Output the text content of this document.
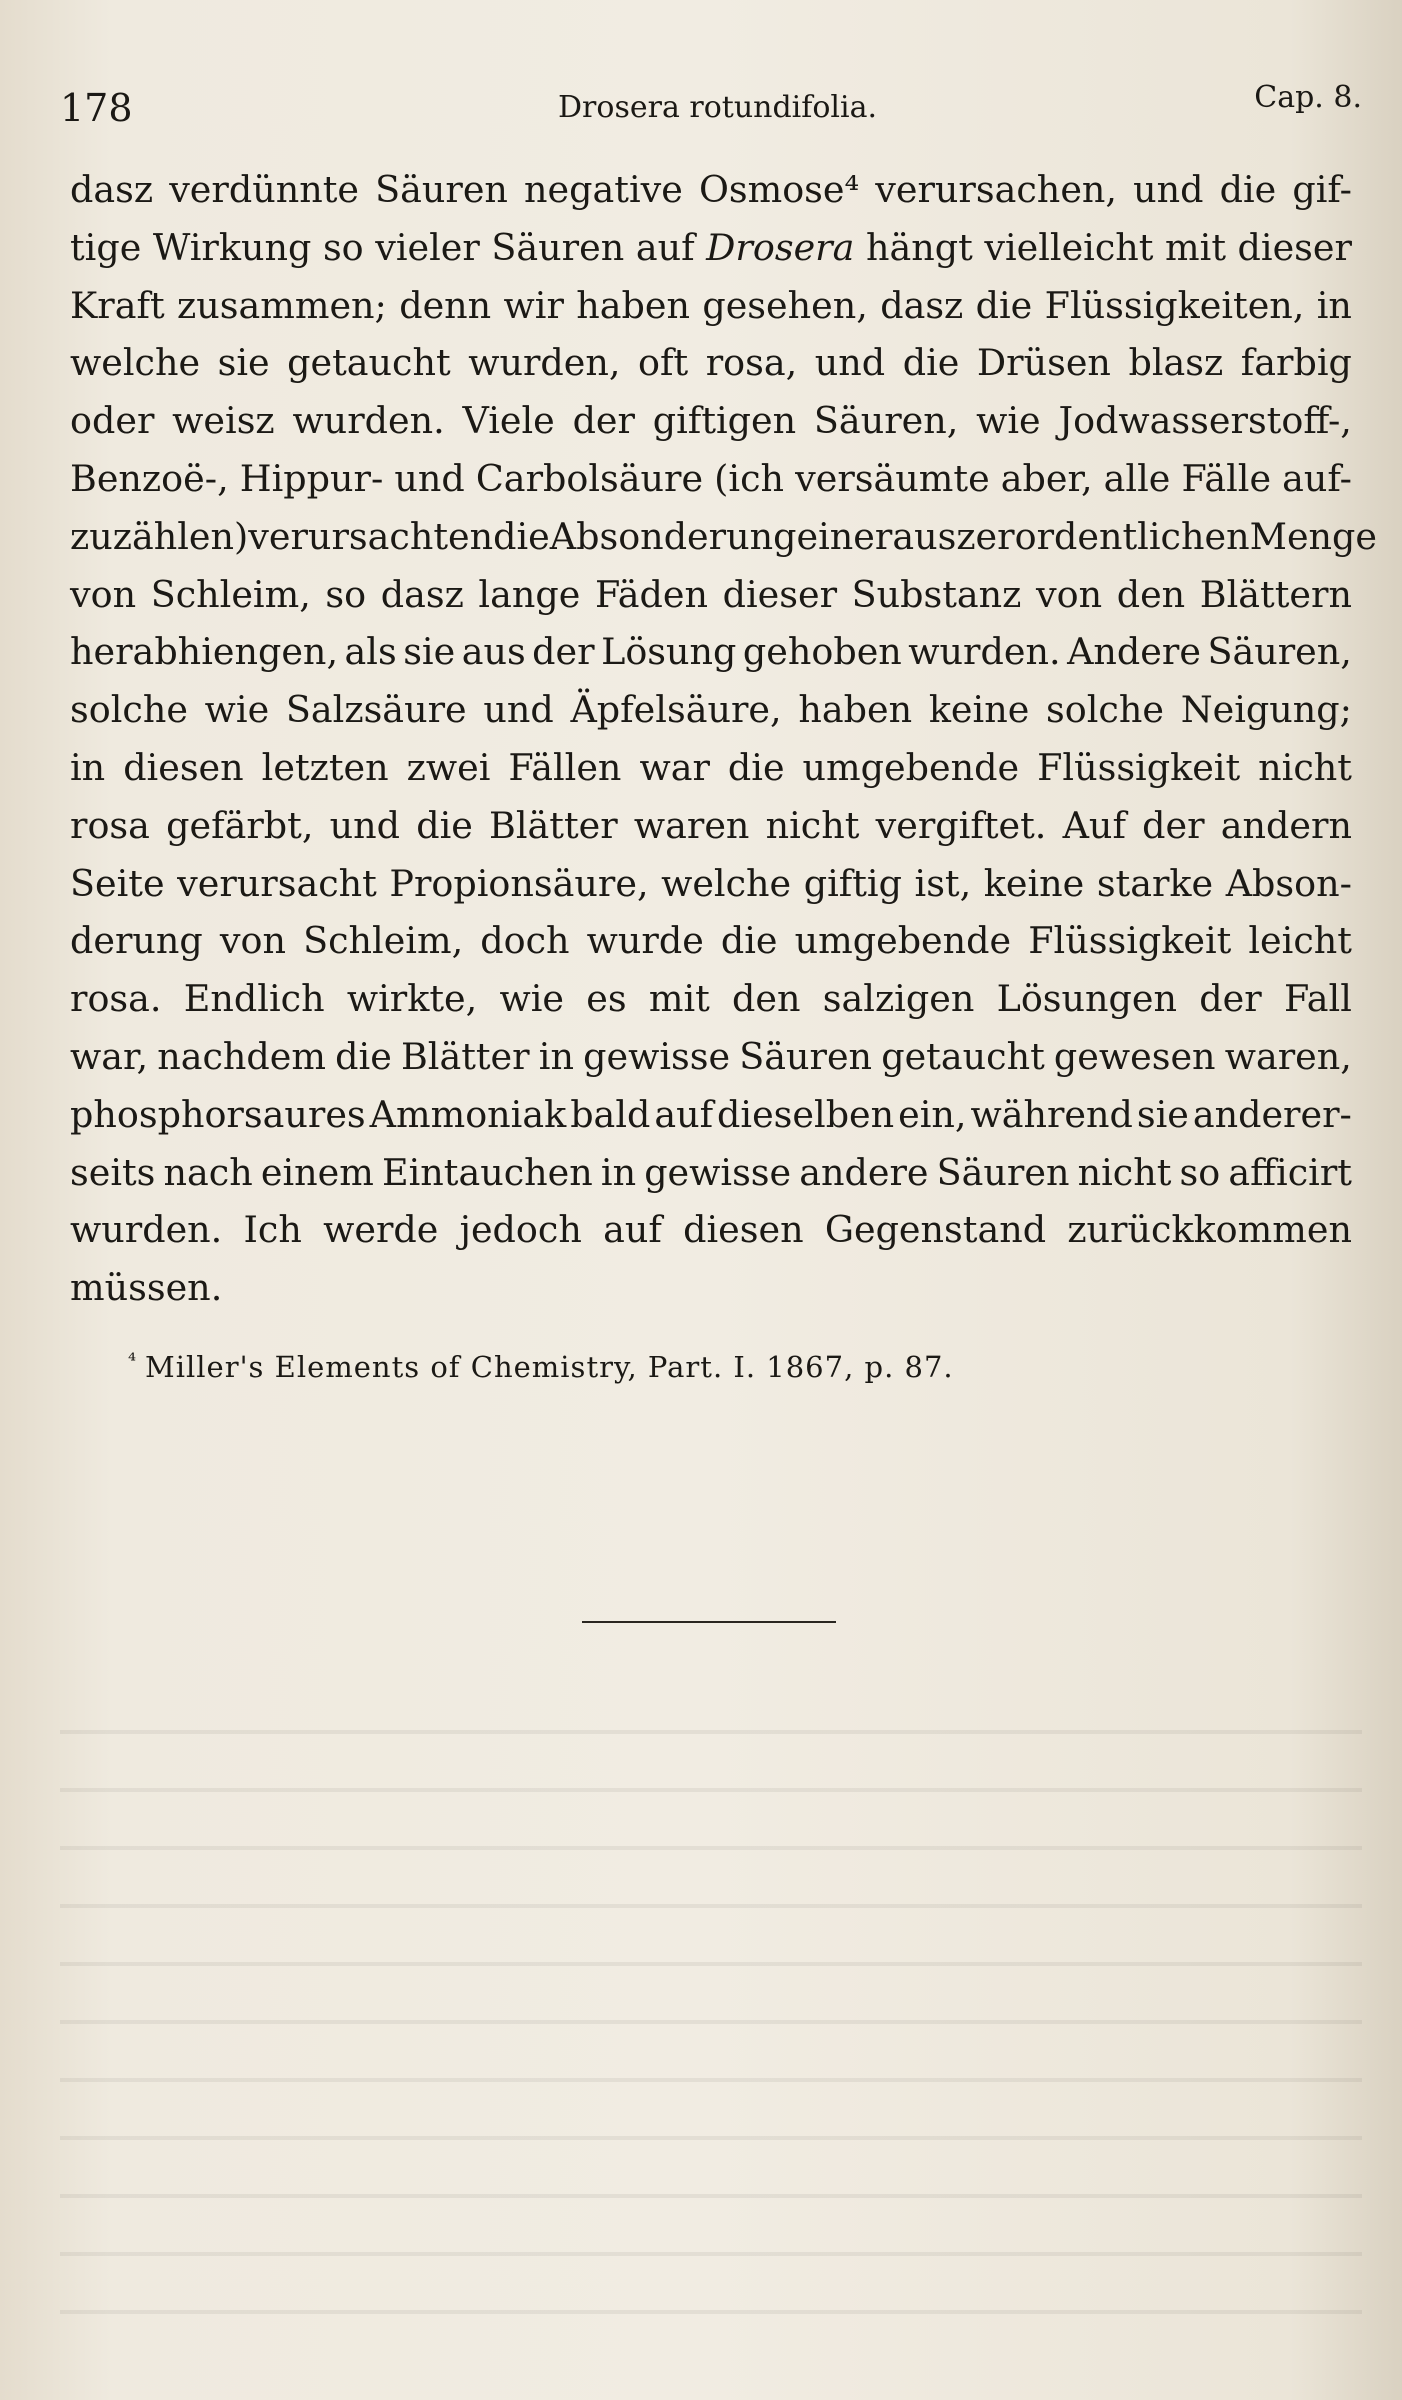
178	Drosera rotundifolia.	Cap. 8.
dasz verdünnte Säuren negative Osmose⁴ verursachen, und die gif-
tige Wirkung so vieler Säuren auf Drosera hängt vielleicht mit dieser
Kraft zusammen; denn wir haben gesehen, dasz die Flüssigkeiten, in
welche sie getaucht wurden, oft rosa, und die Drüsen blasz farbig
oder weisz wurden. Viele der giftigen Säuren, wie Jodwasserstoff-,
Benzoë-, Hippur- und Carbolsäure (ich versäumte aber, alle Fälle auf-
zuzählen) verursachten die Absonderung einer auszerordentlichen Menge
von Schleim, so dasz lange Fäden dieser Substanz von den Blättern
herabhiengen, als sie aus der Lösung gehoben wurden. Andere Säuren,
solche wie Salzsäure und Äpfelsäure, haben keine solche Neigung;
in diesen letzten zwei Fällen war die umgebende Flüssigkeit nicht
rosa gefärbt, und die Blätter waren nicht vergiftet. Auf der andern
Seite verursacht Propionsäure, welche giftig ist, keine starke Abson-
derung von Schleim, doch wurde die umgebende Flüssigkeit leicht
rosa. Endlich wirkte, wie es mit den salzigen Lösungen der Fall
war, nachdem die Blätter in gewisse Säuren getaucht gewesen waren,
phosphorsaures Ammoniak bald auf dieselben ein, während sie anderer-
seits nach einem Eintauchen in gewisse andere Säuren nicht so afficirt
wurden. Ich werde jedoch auf diesen Gegenstand zurückkommen
müssen.
$^{^4}$ Miller's Elements of Chemistry, Part. I. 1867, p. 87.
